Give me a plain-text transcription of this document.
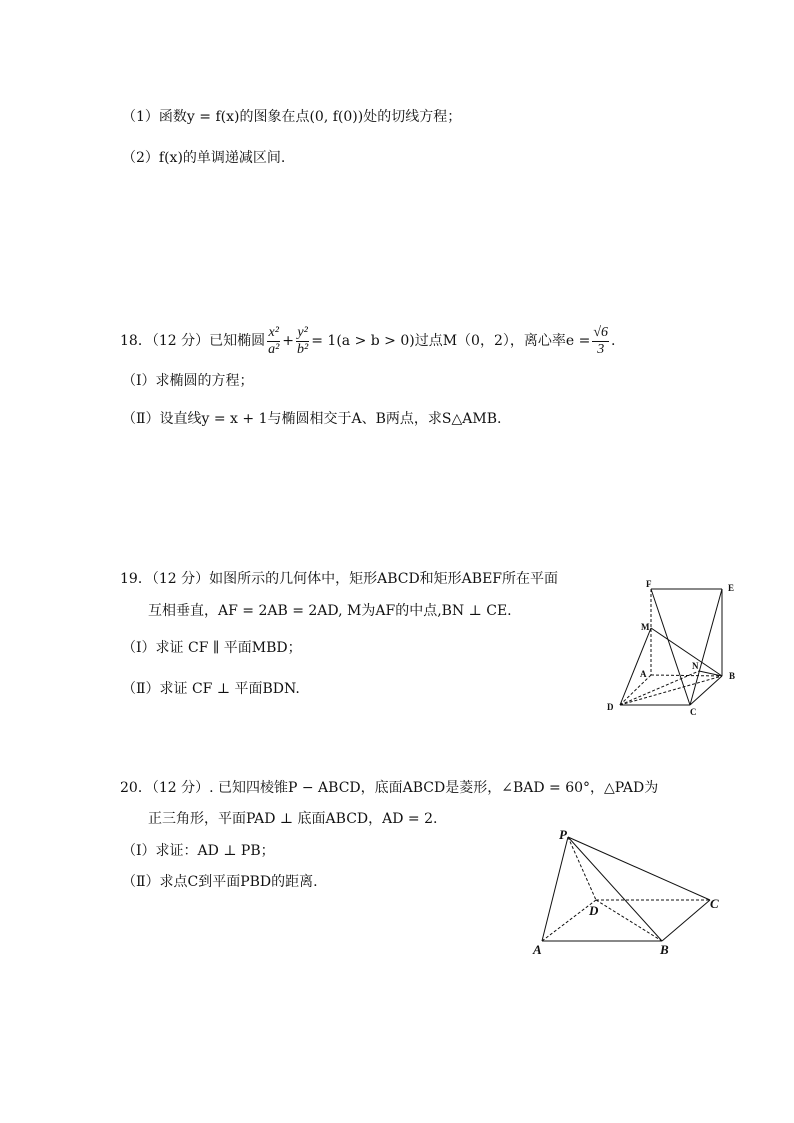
（1）函数y = f(x)的图象在点(0, f(0))处的切线方程；
（2）f(x)的单调递减区间.
18．（12 分）已知椭圆 $\frac{\text{x²}}{\text{a²}} + \frac{\text{y²}}{\text{b²}} = 1(a > b > 0)$过点M（0，2），离心率$e = \frac{√6}{3}$ .
（Ⅰ）求椭圆的方程；
（Ⅱ）设直线y = x + 1与椭圆相交于A、B两点，求S△AMB.
19．（12 分）如图所示的几何体中，矩形ABCD和矩形ABEF所在平面
互相垂直，AF = 2AB = 2AD, M为AF的中点,BN ⊥ CE.
（Ⅰ）求证 CF ∥ 平面MBD；
（Ⅱ）求证 CF ⊥ 平面BDN.
F	E
M
A
N
B
D	C
20．（12 分）. 已知四棱锥P − ABCD，底面ABCD是菱形，∠BAD = 60°，△PAD为
正三角形，平面PAD ⊥ 底面ABCD，AD = 2.
（Ⅰ）求证：AD ⊥ PB；
（Ⅱ）求点C到平面PBD的距离.
P
D	C
A	B
